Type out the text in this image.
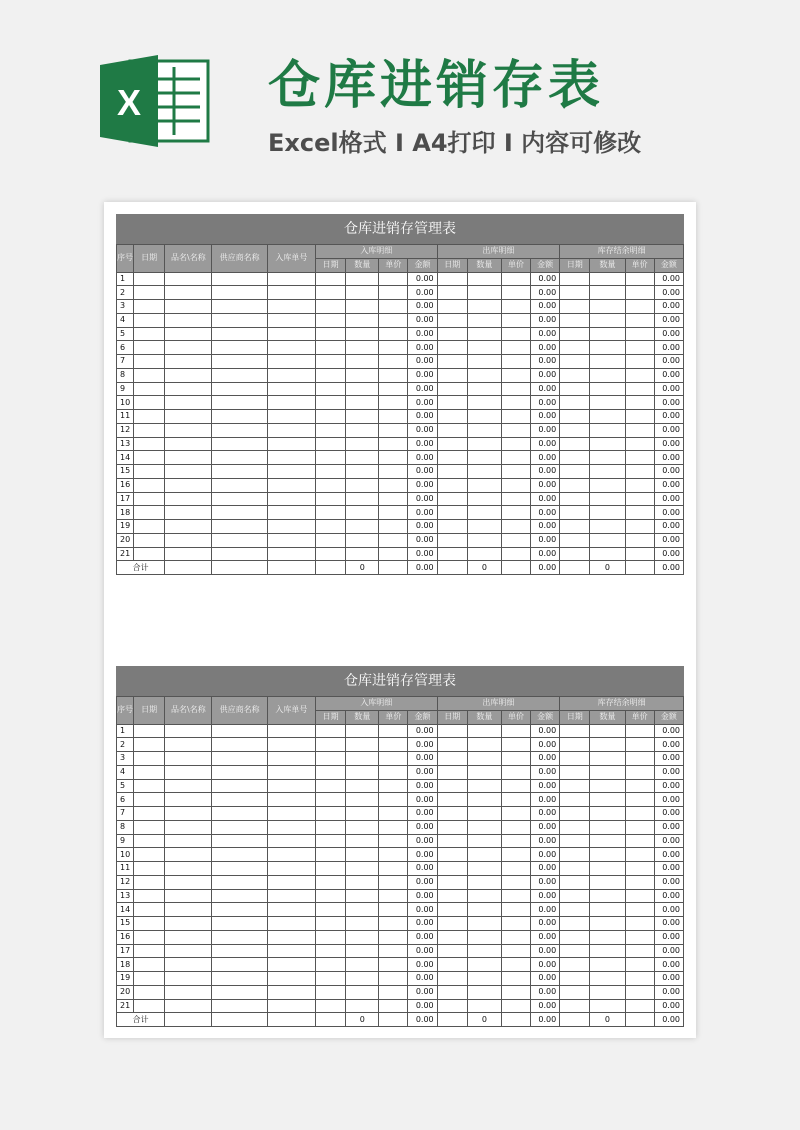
X 仓库进销存表
Excel格式 I A4打印 I 内容可修改
仓库进销存管理表
序号	日期	品名\名称	供应商名称	入库单号	入库明细	出库明细	库存结余明细
日期	数量	单价	金额	日期	数量	单价	金额	日期	数量	单价	金额
1								0.00				0.00				0.00
2								0.00				0.00				0.00
3								0.00				0.00				0.00
4								0.00				0.00				0.00
5								0.00				0.00				0.00
6								0.00				0.00				0.00
7								0.00				0.00				0.00
8								0.00				0.00				0.00
9								0.00				0.00				0.00
10								0.00				0.00				0.00
11								0.00				0.00				0.00
12								0.00				0.00				0.00
13								0.00				0.00				0.00
14								0.00				0.00				0.00
15								0.00				0.00				0.00
16								0.00				0.00				0.00
17								0.00				0.00				0.00
18								0.00				0.00				0.00
19								0.00				0.00				0.00
20								0.00				0.00				0.00
21								0.00				0.00				0.00
合计					0		0.00		0		0.00		0		0.00
仓库进销存管理表
序号	日期	品名\名称	供应商名称	入库单号	入库明细	出库明细	库存结余明细
日期	数量	单价	金额	日期	数量	单价	金额	日期	数量	单价	金额
1								0.00				0.00				0.00
2								0.00				0.00				0.00
3								0.00				0.00				0.00
4								0.00				0.00				0.00
5								0.00				0.00				0.00
6								0.00				0.00				0.00
7								0.00				0.00				0.00
8								0.00				0.00				0.00
9								0.00				0.00				0.00
10								0.00				0.00				0.00
11								0.00				0.00				0.00
12								0.00				0.00				0.00
13								0.00				0.00				0.00
14								0.00				0.00				0.00
15								0.00				0.00				0.00
16								0.00				0.00				0.00
17								0.00				0.00				0.00
18								0.00				0.00				0.00
19								0.00				0.00				0.00
20								0.00				0.00				0.00
21								0.00				0.00				0.00
合计					0		0.00		0		0.00		0		0.00
